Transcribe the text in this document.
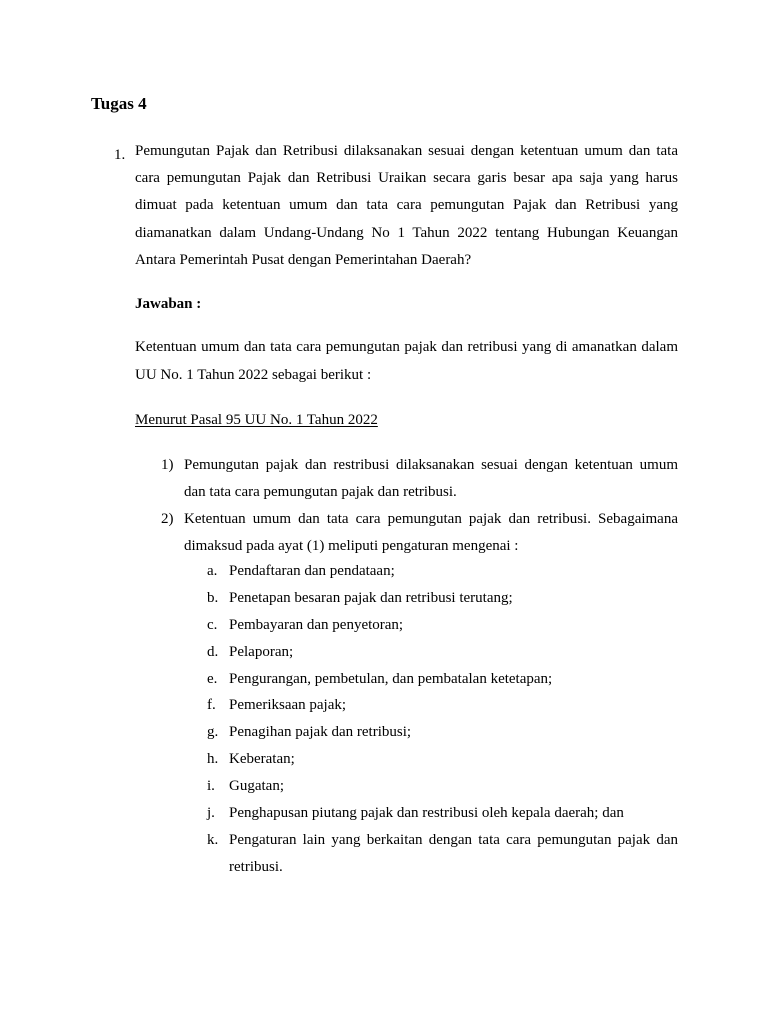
Tugas 4
1. Pemungutan Pajak dan Retribusi dilaksanakan sesuai dengan ketentuan umum dan tata cara pemungutan Pajak dan Retribusi Uraikan secara garis besar apa saja yang harus dimuat pada ketentuan umum dan tata cara pemungutan Pajak dan Retribusi yang diamanatkan dalam Undang-Undang No 1 Tahun 2022 tentang Hubungan Keuangan Antara Pemerintah Pusat dengan Pemerintahan Daerah?

Jawaban :

Ketentuan umum dan tata cara pemungutan pajak dan retribusi yang di amanatkan dalam UU No. 1 Tahun 2022 sebagai berikut :

Menurut Pasal 95 UU No. 1 Tahun 2022

1) Pemungutan pajak dan restribusi dilaksanakan sesuai dengan ketentuan umum dan tata cara pemungutan pajak dan retribusi.

2) Ketentuan umum dan tata cara pemungutan pajak dan retribusi. Sebagaimana dimaksud pada ayat (1) meliputi pengaturan mengenai :

a. Pendaftaran dan pendataan;

b. Penetapan besaran pajak dan retribusi terutang;

c. Pembayaran dan penyetoran;

d. Pelaporan;

e. Pengurangan, pembetulan, dan pembatalan ketetapan;

f. Pemeriksaan pajak;

g. Penagihan pajak dan retribusi;

h. Keberatan;

i. Gugatan;

j. Penghapusan piutang pajak dan restribusi oleh kepala daerah; dan

k. Pengaturan lain yang berkaitan dengan tata cara pemungutan pajak dan retribusi.
